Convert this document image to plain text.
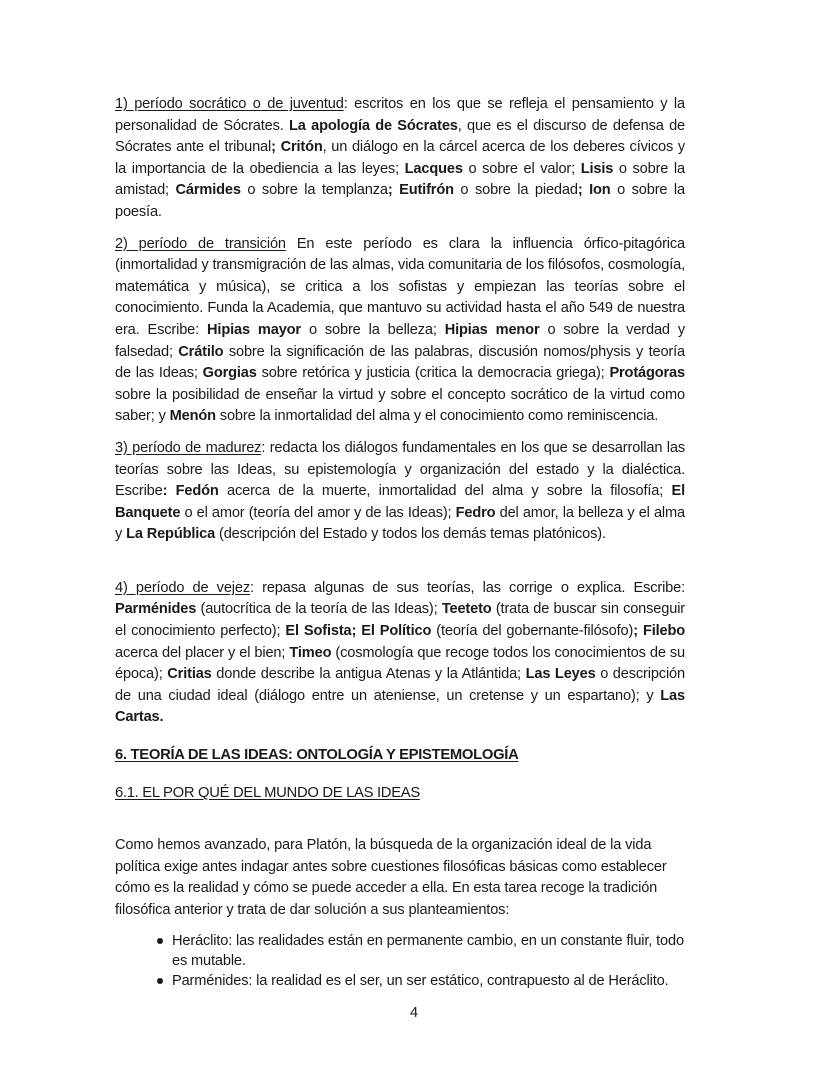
1) período socrático o de juventud: escritos en los que se refleja el pensamiento y la personalidad de Sócrates. La apología de Sócrates, que es el discurso de defensa de Sócrates ante el tribunal; Critón, un diálogo en la cárcel acerca de los deberes cívicos y la importancia de la obediencia a las leyes; Lacques o sobre el valor; Lisis o sobre la amistad; Cármides o sobre la templanza; Eutifrón o sobre la piedad; Ion o sobre la poesía.

2) período de transición En este período es clara la influencia órfico-pitagórica (inmortalidad y transmigración de las almas, vida comunitaria de los filósofos, cosmología, matemática y música), se critica a los sofistas y empiezan las teorías sobre el conocimiento. Funda la Academia, que mantuvo su actividad hasta el año 549 de nuestra era. Escribe: Hipias mayor o sobre la belleza; Hipias menor o sobre la verdad y falsedad; Crátilo sobre la significación de las palabras, discusión nomos/physis y teoría de las Ideas; Gorgias sobre retórica y justicia (critica la democracia griega); Protágoras sobre la posibilidad de enseñar la virtud y sobre el concepto socrático de la virtud como saber; y Menón sobre la inmortalidad del alma y el conocimiento como reminiscencia.

3) período de madurez: redacta los diálogos fundamentales en los que se desarrollan las teorías sobre las Ideas, su epistemología y organización del estado y la dialéctica. Escribe: Fedón acerca de la muerte, inmortalidad del alma y sobre la filosofía; El Banquete o el amor (teoría del amor y de las Ideas); Fedro del amor, la belleza y el alma y La República (descripción del Estado y todos los demás temas platónicos).

4) período de vejez: repasa algunas de sus teorías, las corrige o explica. Escribe: Parménides (autocrítica de la teoría de las Ideas); Teeteto (trata de buscar sin conseguir el conocimiento perfecto); El Sofista; El Político (teoría del gobernante-filósofo); Filebo acerca del placer y el bien; Timeo (cosmología que recoge todos los conocimientos de su época); Critias donde describe la antigua Atenas y la Atlántida; Las Leyes o descripción de una ciudad ideal (diálogo entre un ateniense, un cretense y un espartano); y Las Cartas.

6. TEORÍA DE LAS IDEAS: ONTOLOGÍA Y EPISTEMOLOGÍA
6.1. EL POR QUÉ DEL MUNDO DE LAS IDEAS

Como hemos avanzado, para Platón, la búsqueda de la organización ideal de la vida política exige antes indagar antes sobre cuestiones filosóficas básicas como establecer cómo es la realidad y cómo se puede acceder a ella. En esta tarea recoge la tradición filosófica anterior y trata de dar solución a sus planteamientos:

Heráclito: las realidades están en permanente cambio, en un constante fluir, todo es mutable.
Parménides: la realidad es el ser, un ser estático, contrapuesto al de Heráclito.
4
